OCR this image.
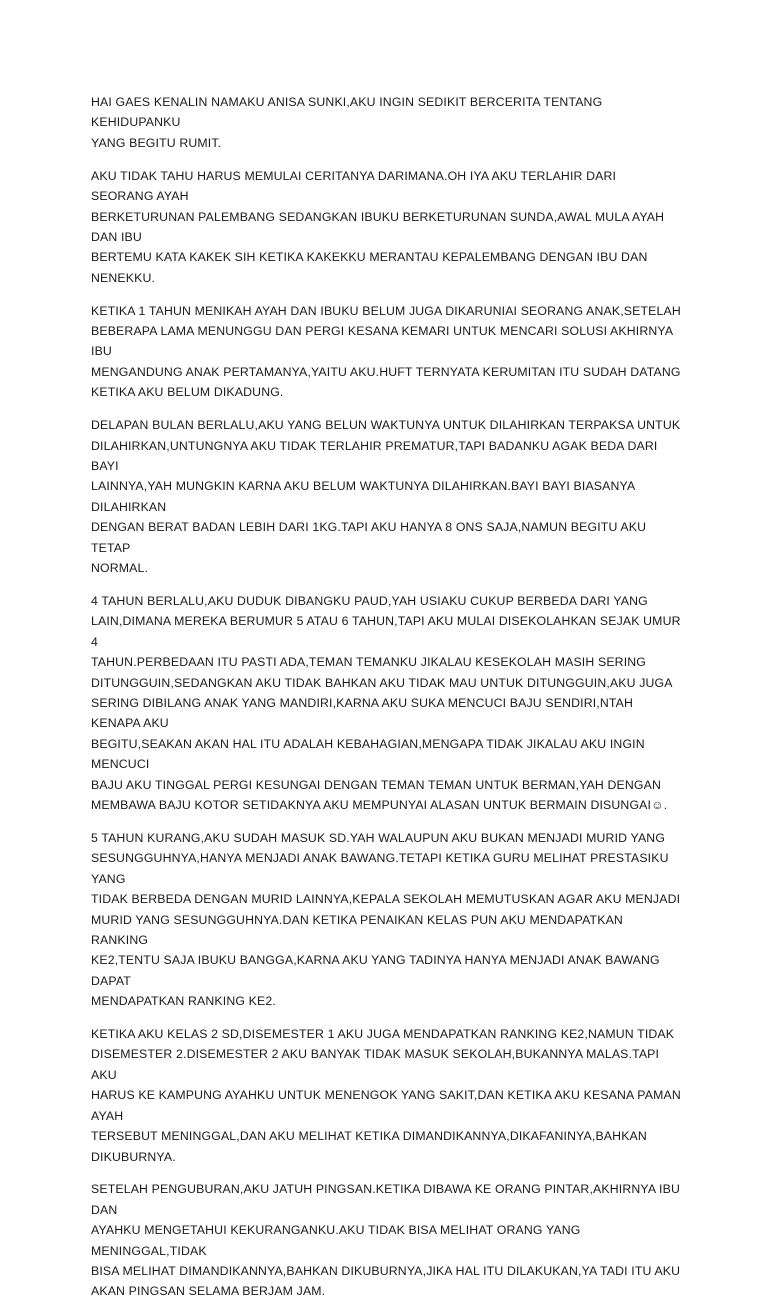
HAI GAES KENALIN NAMAKU ANISA SUNKI,AKU INGIN SEDIKIT BERCERITA TENTANG KEHIDUPANKU
YANG BEGITU RUMIT.

AKU TIDAK TAHU HARUS MEMULAI CERITANYA DARIMANA.OH IYA AKU TERLAHIR DARI SEORANG AYAH
BERKETURUNAN PALEMBANG SEDANGKAN IBUKU BERKETURUNAN SUNDA,AWAL MULA AYAH DAN IBU
BERTEMU KATA KAKEK SIH KETIKA KAKEKKU MERANTAU KEPALEMBANG DENGAN IBU DAN NENEKKU.

KETIKA 1 TAHUN MENIKAH AYAH DAN IBUKU BELUM JUGA DIKARUNIAI SEORANG ANAK,SETELAH
BEBERAPA LAMA MENUNGGU DAN PERGI KESANA KEMARI UNTUK MENCARI SOLUSI AKHIRNYA IBU
MENGANDUNG ANAK PERTAMANYA,YAITU AKU.HUFT TERNYATA KERUMITAN ITU SUDAH DATANG
KETIKA AKU BELUM DIKADUNG.

DELAPAN BULAN BERLALU,AKU YANG BELUN WAKTUNYA UNTUK DILAHIRKAN TERPAKSA UNTUK
DILAHIRKAN,UNTUNGNYA AKU TIDAK TERLAHIR PREMATUR,TAPI BADANKU AGAK BEDA DARI BAYI
LAINNYA,YAH MUNGKIN KARNA AKU BELUM WAKTUNYA DILAHIRKAN.BAYI BAYI BIASANYA DILAHIRKAN
DENGAN BERAT BADAN LEBIH DARI 1KG.TAPI AKU HANYA 8 ONS SAJA,NAMUN BEGITU AKU TETAP
NORMAL.

4 TAHUN BERLALU,AKU DUDUK DIBANGKU PAUD,YAH USIAKU CUKUP BERBEDA DARI YANG
LAIN,DIMANA MEREKA BERUMUR 5 ATAU 6 TAHUN,TAPI AKU MULAI DISEKOLAHKAN SEJAK UMUR 4
TAHUN.PERBEDAAN ITU PASTI ADA,TEMAN TEMANKU JIKALAU KESEKOLAH MASIH SERING
DITUNGGUIN,SEDANGKAN AKU TIDAK BAHKAN AKU TIDAK MAU UNTUK DITUNGGUIN,AKU JUGA
SERING DIBILANG ANAK YANG MANDIRI,KARNA AKU SUKA MENCUCI BAJU SENDIRI,NTAH KENAPA AKU
BEGITU,SEAKAN AKAN HAL ITU ADALAH KEBAHAGIAN,MENGAPA TIDAK JIKALAU AKU INGIN MENCUCI
BAJU AKU TINGGAL PERGI KESUNGAI DENGAN TEMAN TEMAN UNTUK BERMAN,YAH DENGAN
MEMBAWA BAJU KOTOR SETIDAKNYA AKU MEMPUNYAI ALASAN UNTUK BERMAIN DISUNGAI☺.

5 TAHUN KURANG,AKU SUDAH MASUK SD.YAH WALAUPUN AKU BUKAN MENJADI MURID YANG
SESUNGGUHNYA,HANYA MENJADI ANAK BAWANG.TETAPI KETIKA GURU MELIHAT PRESTASIKU YANG
TIDAK BERBEDA DENGAN MURID LAINNYA,KEPALA SEKOLAH MEMUTUSKAN AGAR AKU MENJADI
MURID YANG SESUNGGUHNYA.DAN KETIKA PENAIKAN KELAS PUN AKU MENDAPATKAN RANKING
KE2,TENTU SAJA IBUKU BANGGA,KARNA AKU YANG TADINYA HANYA MENJADI ANAK BAWANG DAPAT
MENDAPATKAN RANKING KE2.

KETIKA AKU KELAS 2 SD,DISEMESTER 1 AKU JUGA MENDAPATKAN RANKING KE2,NAMUN TIDAK
DISEMESTER 2.DISEMESTER 2 AKU BANYAK TIDAK MASUK SEKOLAH,BUKANNYA MALAS.TAPI AKU
HARUS KE KAMPUNG AYAHKU UNTUK MENENGOK YANG SAKIT,DAN KETIKA AKU KESANA PAMAN AYAH
TERSEBUT MENINGGAL,DAN AKU MELIHAT KETIKA DIMANDIKANNYA,DIKAFANINYA,BAHKAN
DIKUBURNYA.

SETELAH PENGUBURAN,AKU JATUH PINGSAN.KETIKA DIBAWA KE ORANG PINTAR,AKHIRNYA IBU DAN
AYAHKU MENGETAHUI KEKURANGANKU.AKU TIDAK BISA MELIHAT ORANG YANG MENINGGAL,TIDAK
BISA MELIHAT DIMANDIKANNYA,BAHKAN DIKUBURNYA,JIKA HAL ITU DILAKUKAN,YA TADI ITU AKU
AKAN PINGSAN SELAMA BERJAM JAM.
